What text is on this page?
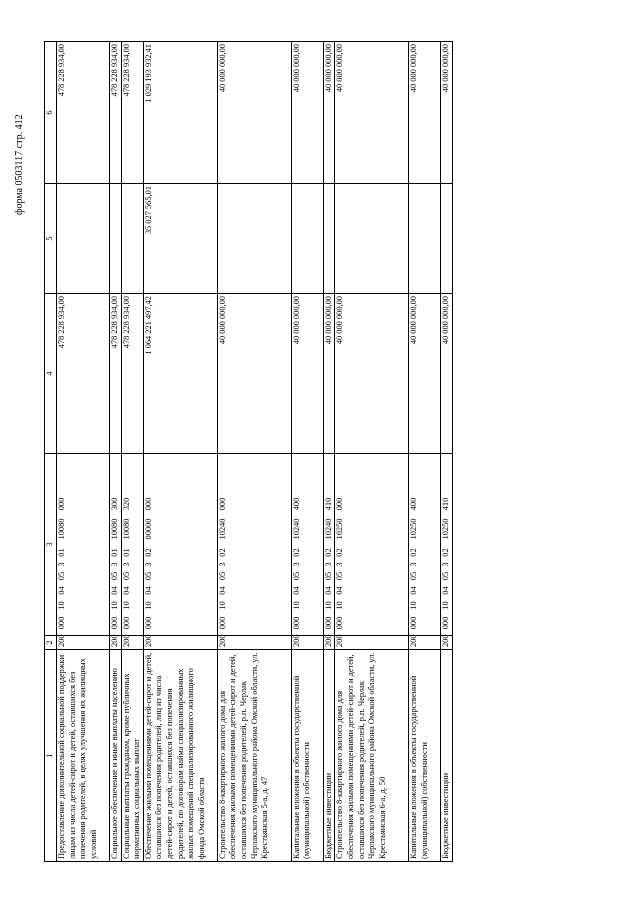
форма 0503117 стр. 412
1	2	3	4	5	6
Предоставление дополнительной социальной поддержки лицам из числа детей-сирот и детей, оставшихся без попечения родителей, в целях улучшения их жилищных условий	200	00010040530110080000	478 228 934,00		478 228 934,00
Социальное обеспечение и иные выплаты населению	200	00010040530110080300	478 228 934,00		478 228 934,00
Социальные выплаты гражданам, кроме публичных нормативных социальных выплат	200	00010040530110080320	478 228 934,00		478 228 934,00
Обеспечение жилыми помещениями детей-сирот и детей, оставшихся без попечения родителей, лиц из числа детей-сирот и детей, оставшихся без попечения родителей, по договорам найма специализированных жилых помещений специализированного жилищного фонда Омской области	200	00010040530200000000	1 064 221 497,42	35 027 565,01	1 029 193 932,41
Строительство 8-квартирного жилого дома для обеспечения жилыми помещениями детей-сирот и детей, оставшихся без попечения родителей, р.п. Черлак Черлакского муниципального района Омской области, ул. Крестьянская 5-а, д. 47	200	00010040530210240000	40 000 000,00		40 000 000,00
Капитальные вложения в объекты государственной (муниципальной) собственности	200	00010040530210240400	40 000 000,00		40 000 000,00
Бюджетные инвестиции	200	00010040530210240410	40 000 000,00		40 000 000,00
Строительство 8-квартирного жилого дома для обеспечения жилыми помещениями детей-сирот и детей, оставшихся без попечения родителей, р.п. Черлак Черлакского муниципального района Омской области, ул. Крестьянская 6-а, д. 50	200	00010040530210250000	40 000 000,00		40 000 000,00
Капитальные вложения в объекты государственной (муниципальной) собственности	200	00010040530210250400	40 000 000,00		40 000 000,00
Бюджетные инвестиции	200	00010040530210250410	40 000 000,00		40 000 000,00
